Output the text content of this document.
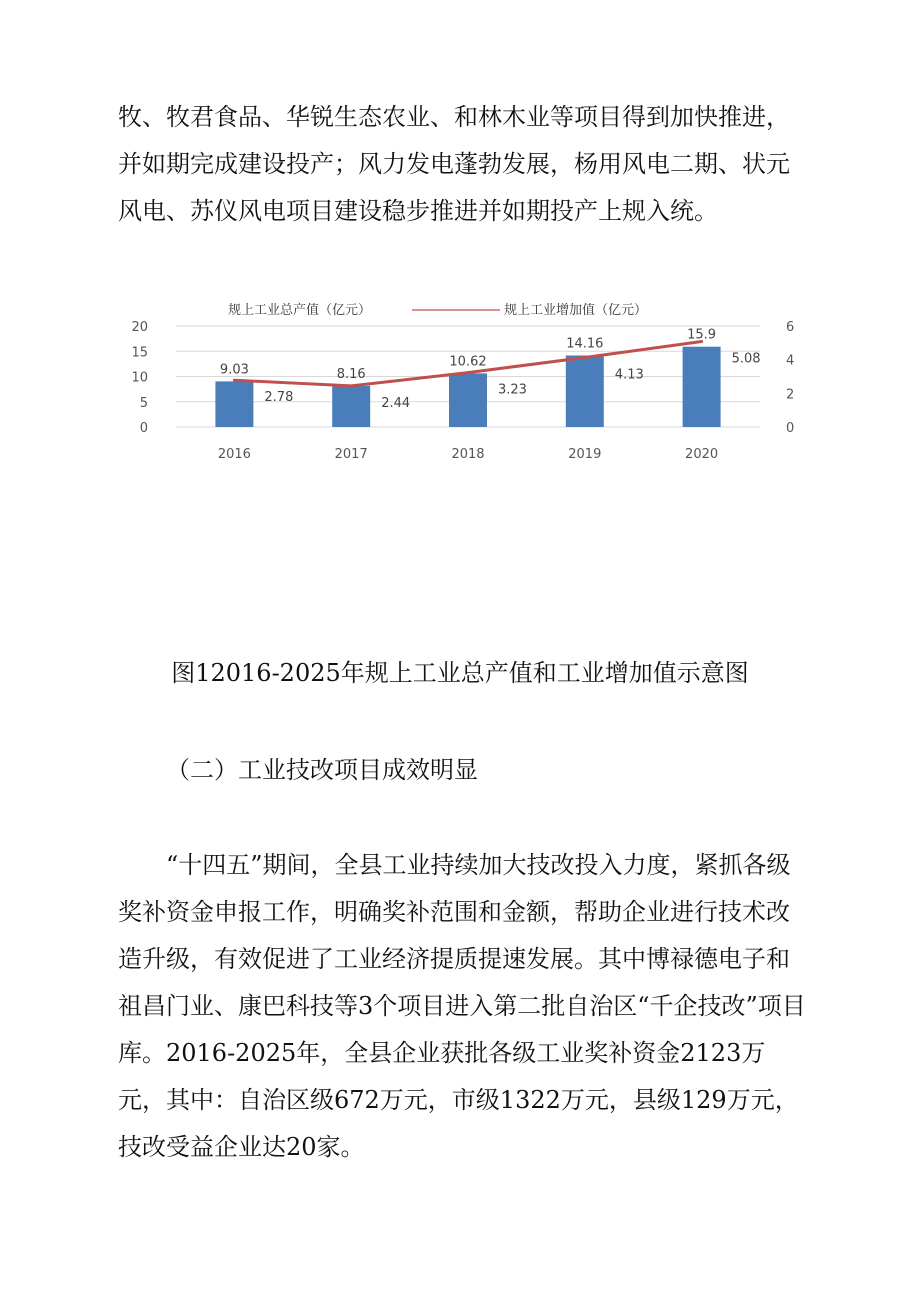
牧、牧君食品、华锐生态农业、和林木业等项目得到加快推进，并如期完成建设投产；风力发电蓬勃发展，杨用风电二期、状元风电、苏仪风电项目建设稳步推进并如期投产上规入统。

9.03	8.16
10.62
14.16
15.9
2.78	2.44
3.23
4.13
5.08
0
5
10
15
20
0
2
4
6
2016	2017	2018	2019	2020
规上工业总产值（亿元）	规上工业增加值（亿元）

图12016-2025年规上工业总产值和工业增加值示意图

（二）工业技改项目成效明显

“十四五”期间，全县工业持续加大技改投入力度，紧抓各级奖补资金申报工作，明确奖补范围和金额，帮助企业进行技术改造升级，有效促进了工业经济提质提速发展。其中博禄德电子和祖昌门业、康巴科技等3个项目进入第二批自治区“千企技改”项目库。2016-2025年，全县企业获批各级工业奖补资金2123万元，其中：自治区级672万元，市级1322万元，县级129万元，技改受益企业达20家。
